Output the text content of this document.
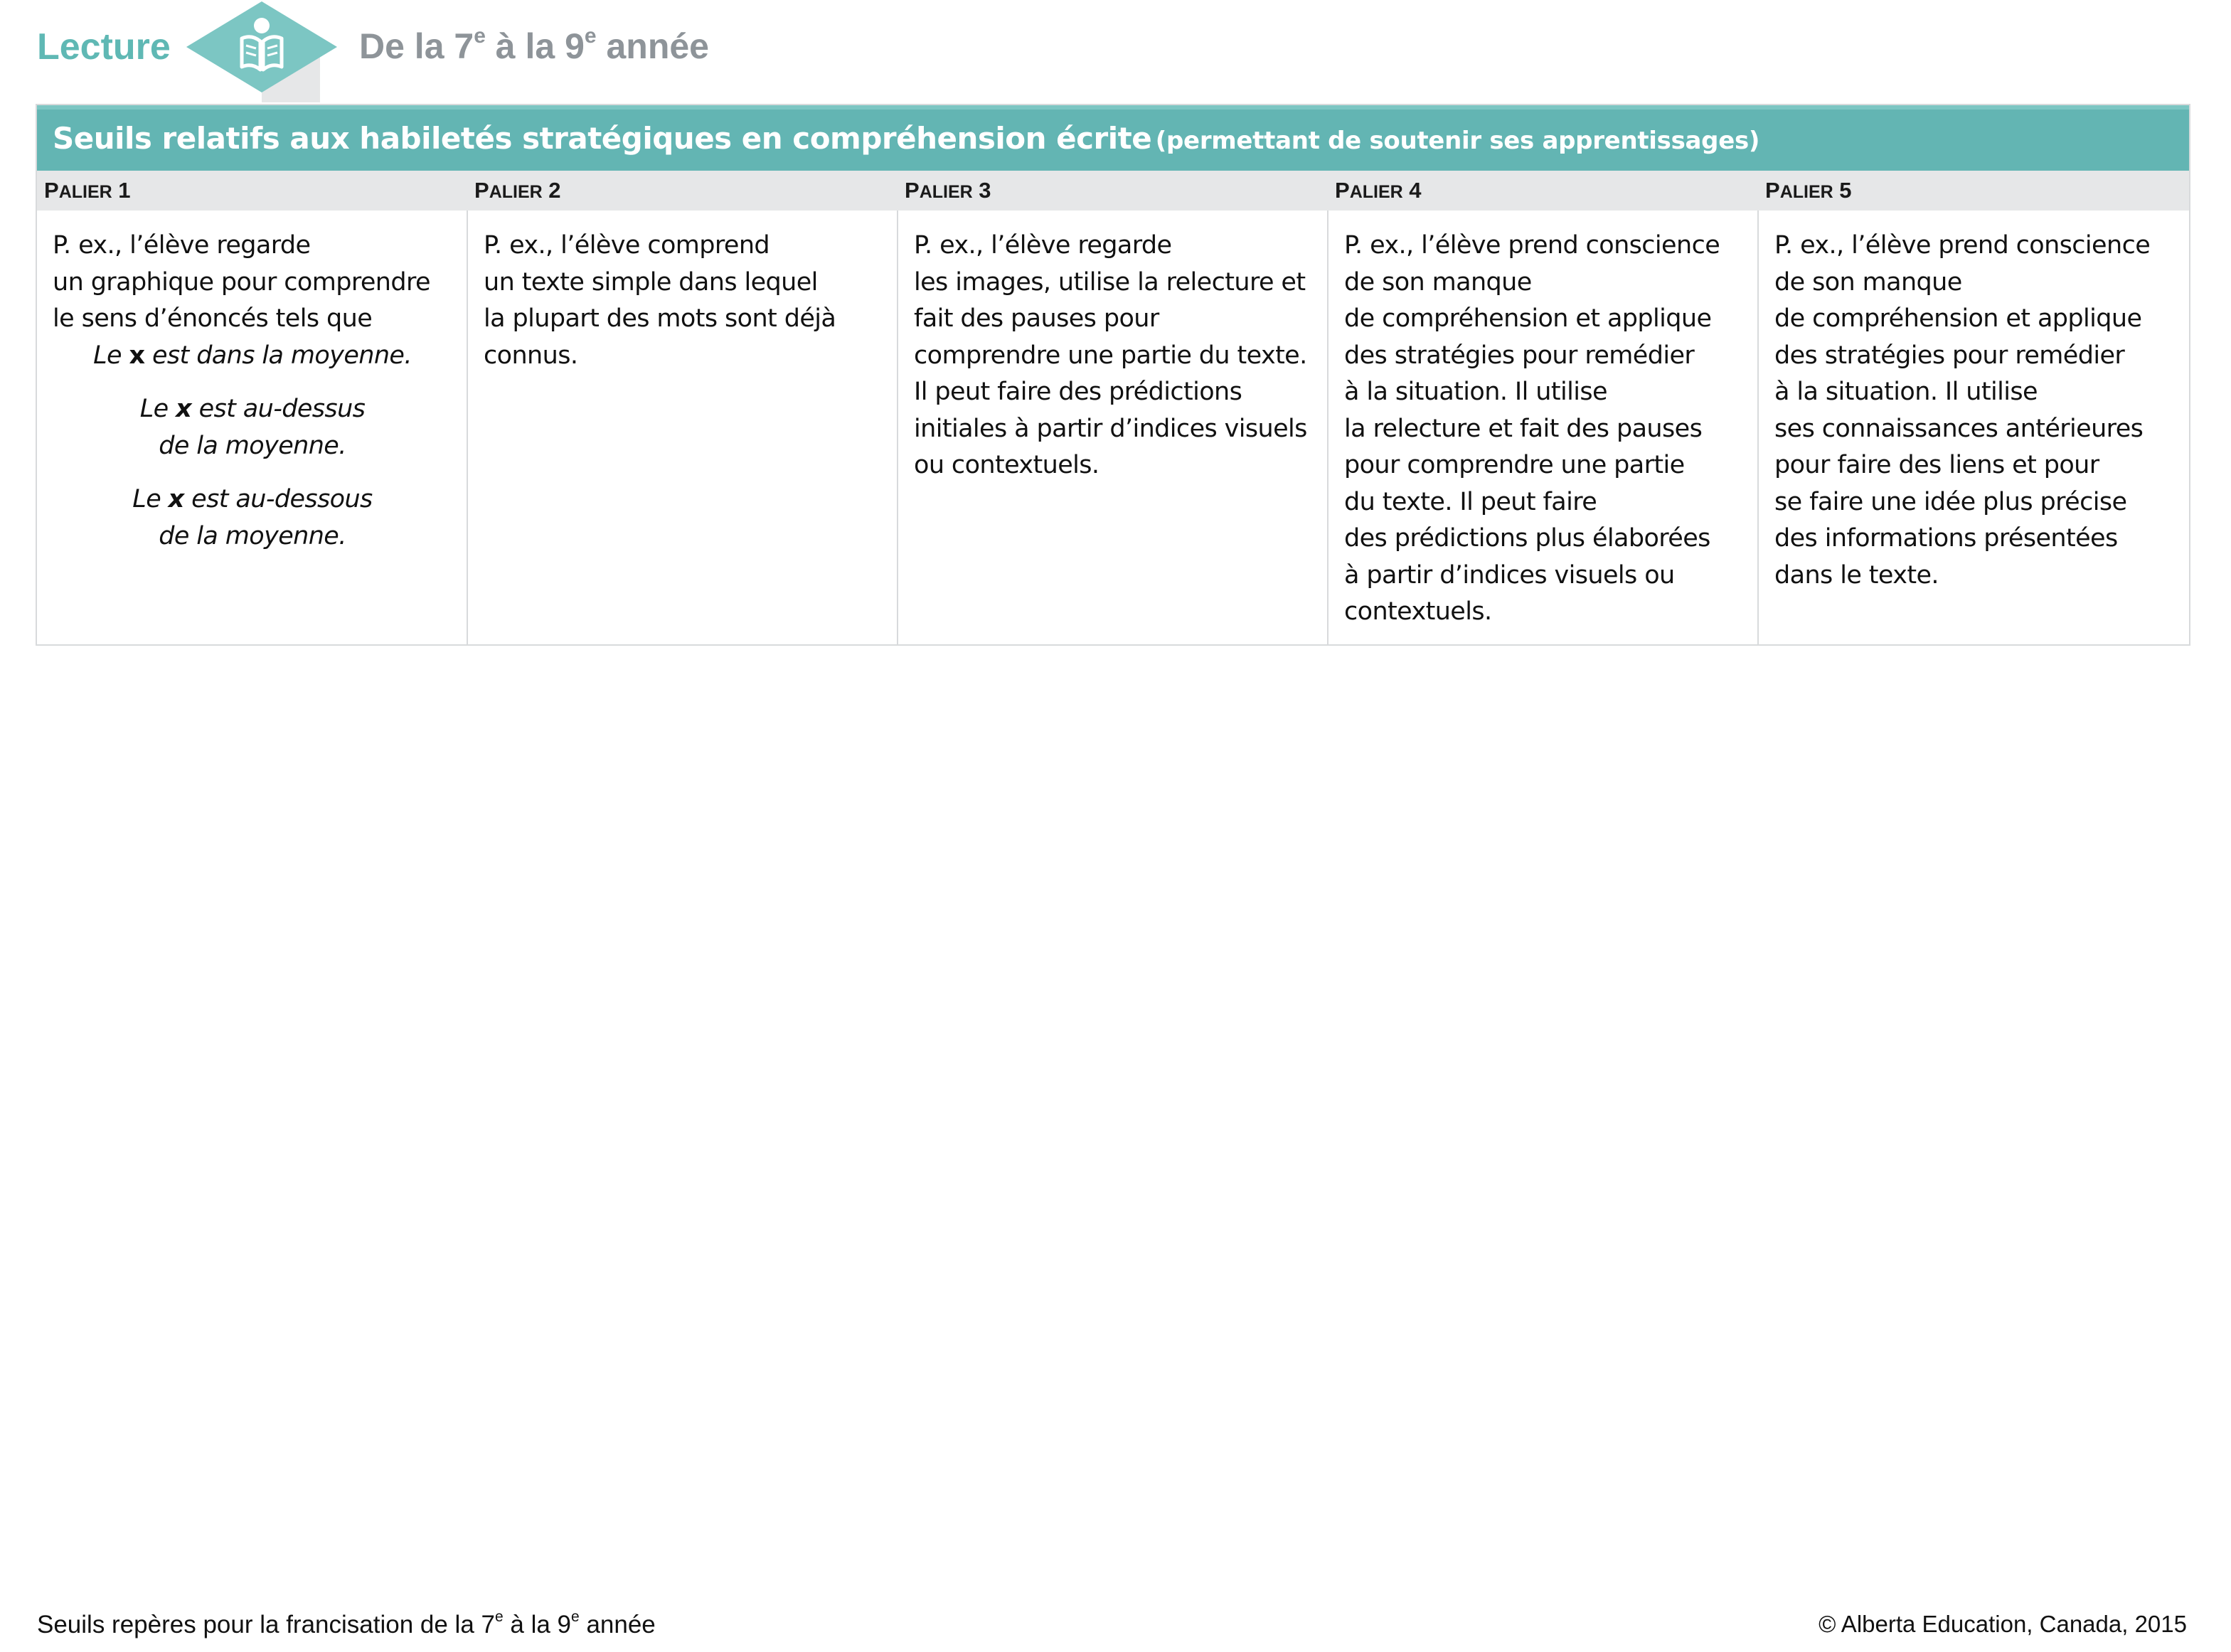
Lecture	De la 7e à la 9e année
Seuils relatifs aux habiletés stratégiques en compréhension écrite (permettant de soutenir ses apprentissages)
PALIER 1	PALIER 2	PALIER 3	PALIER 4	PALIER 5

P. ex., l’élève regarde
un graphique pour comprendre
le sens d’énoncés tels que

Le x est dans la moyenne.
Le x est au-dessus
de la moyenne.
Le x est au-dessous
de la moyenne.

P. ex., l’élève comprend
un texte simple dans lequel
la plupart des mots sont déjà
connus.

P. ex., l’élève regarde
les images, utilise la relecture et
fait des pauses pour
comprendre une partie du texte.
Il peut faire des prédictions
initiales à partir d’indices visuels
ou contextuels.

P. ex., l’élève prend conscience
de son manque
de compréhension et applique
des stratégies pour remédier
à la situation. Il utilise
la relecture et fait des pauses
pour comprendre une partie
du texte. Il peut faire
des prédictions plus élaborées
à partir d’indices visuels ou
contextuels.

P. ex., l’élève prend conscience
de son manque
de compréhension et applique
des stratégies pour remédier
à la situation. Il utilise
ses connaissances antérieures
pour faire des liens et pour
se faire une idée plus précise
des informations présentées
dans le texte.

Seuils repères pour la francisation de la 7e à la 9e année	© Alberta Education, Canada, 2015
